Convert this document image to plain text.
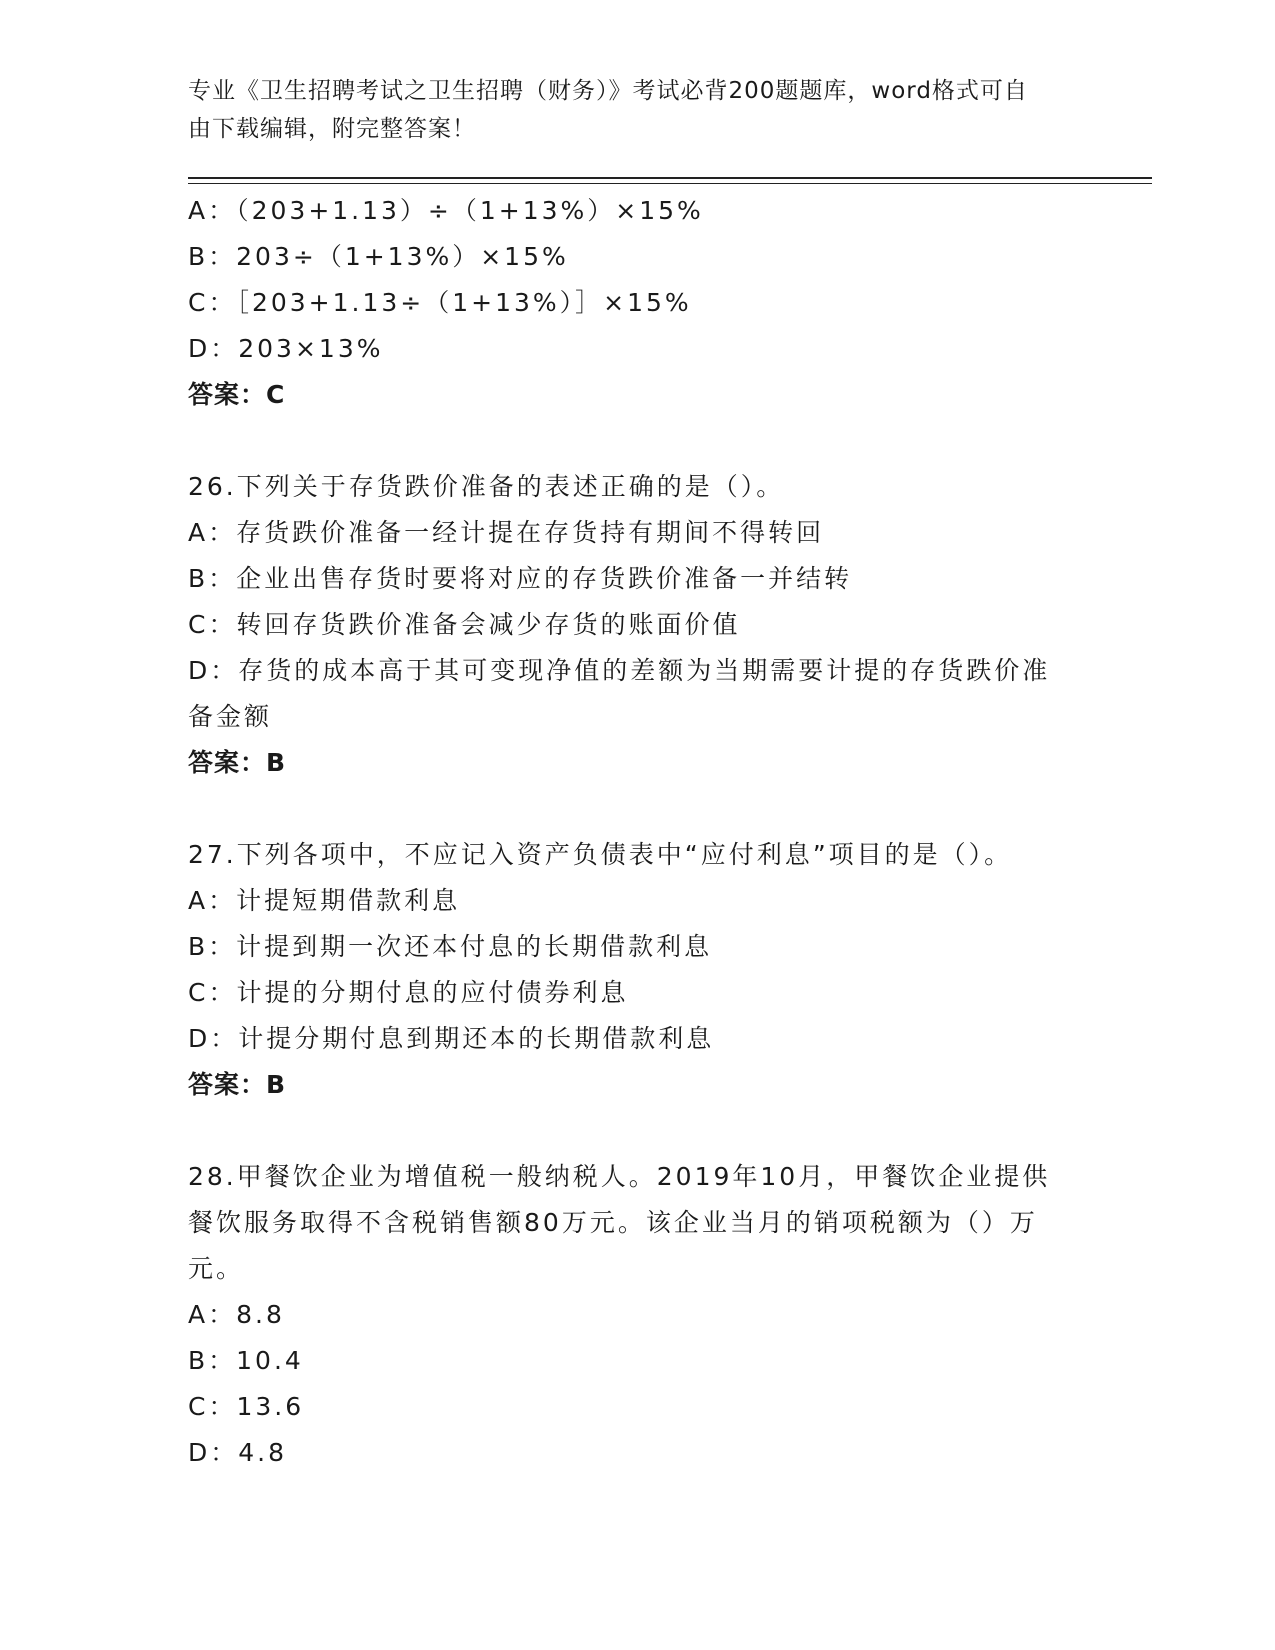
专业《卫生招聘考试之卫生招聘（财务）》考试必背200题题库，word格式可自
由下载编辑，附完整答案！
A：（203+1.13）÷（1+13%）×15%
B：203÷（1+13%）×15%
C：［203+1.13÷（1+13%）］×15%
D：203×13%
答案：C
26.下列关于存货跌价准备的表述正确的是（）。
A：存货跌价准备一经计提在存货持有期间不得转回
B：企业出售存货时要将对应的存货跌价准备一并结转
C：转回存货跌价准备会减少存货的账面价值
D：存货的成本高于其可变现净值的差额为当期需要计提的存货跌价准
备金额
答案：B
27.下列各项中，不应记入资产负债表中“应付利息”项目的是（）。
A：计提短期借款利息
B：计提到期一次还本付息的长期借款利息
C：计提的分期付息的应付债券利息
D：计提分期付息到期还本的长期借款利息
答案：B
28.甲餐饮企业为增值税一般纳税人。2019年10月，甲餐饮企业提供
餐饮服务取得不含税销售额80万元。该企业当月的销项税额为（）万
元。
A：8.8
B：10.4
C：13.6
D：4.8
